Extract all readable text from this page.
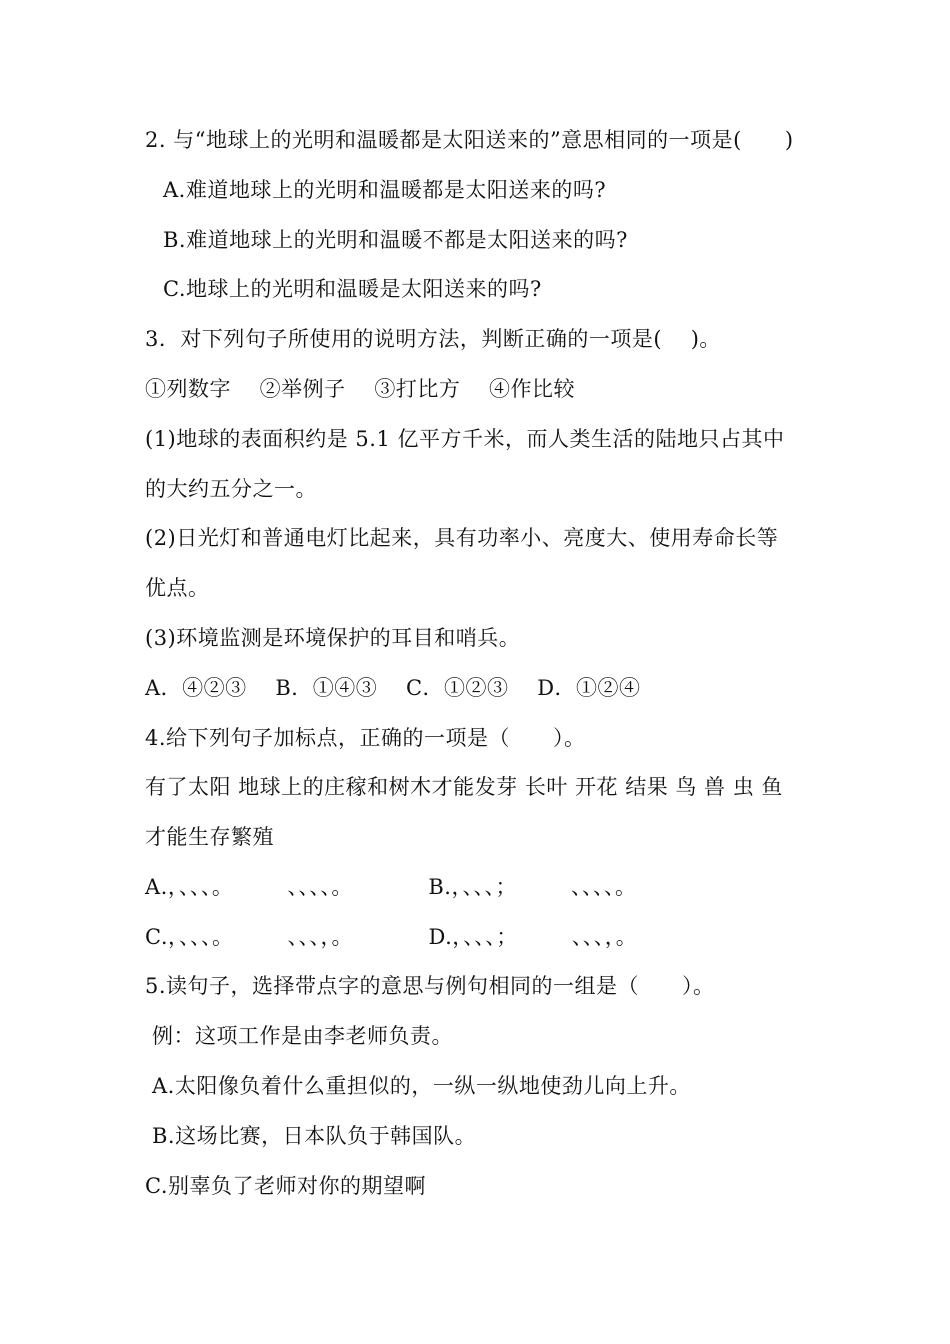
2. 与“地球上的光明和温暖都是太阳送来的”意思相同的一项是(　　)
A.难道地球上的光明和温暖都是太阳送来的吗?
B.难道地球上的光明和温暖不都是太阳送来的吗?
C.地球上的光明和温暖是太阳送来的吗?
3．对下列句子所使用的说明方法，判断正确的一项是(　 )。
①列数字　 ②举例子　 ③打比方　 ④作比较
(1)地球的表面积约是 5.1 亿平方千米，而人类生活的陆地只占其中
的大约五分之一。
(2)日光灯和普通电灯比起来，具有功率小、亮度大、使用寿命长等
优点。
(3)环境监测是环境保护的耳目和哨兵。
A．④②③　 B．①④③　 C．①②③　 D．①②④
4.给下列句子加标点，正确的一项是（　　）。
有了太阳 地球上的庄稼和树木才能发芽 长叶 开花 结果 鸟 兽 虫 鱼
才能生存繁殖
A.，、、、。　　　、、、、。　　　　B.，、、、；　　　、、、、。
C.，、、、。　　　、、、，。　　　　D.，、、、；　　　、、、，。
5.读句子，选择带点字的意思与例句相同的一组是（　　）。
例：这项工作是由李老师负责。
A.太阳像负着什么重担似的，一纵一纵地使劲儿向上升。
B.这场比赛，日本队负于韩国队。
C.别辜负了老师对你的期望啊
